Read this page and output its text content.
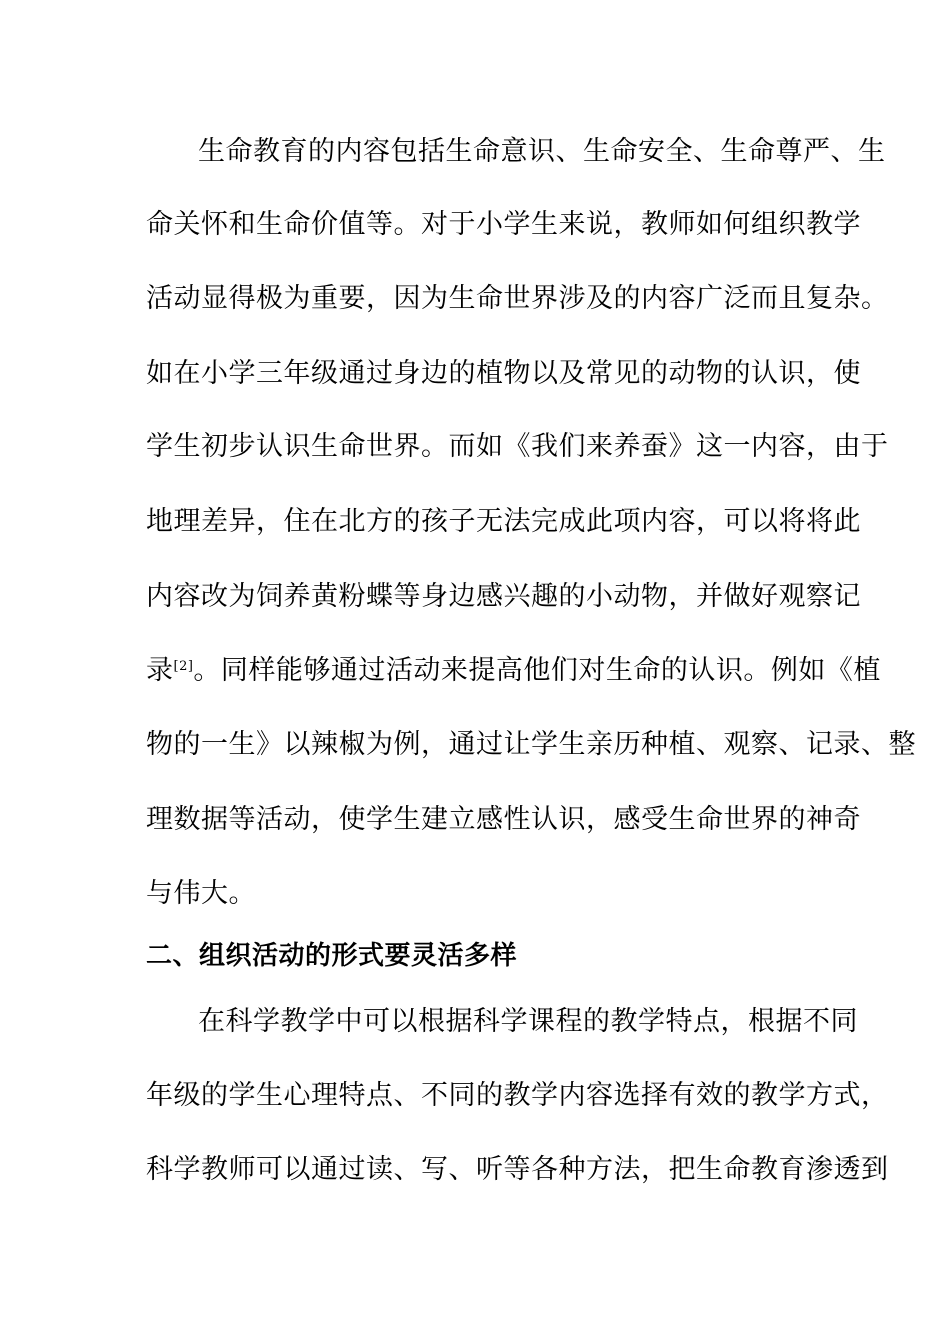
生命教育的内容包括生命意识、生命安全、生命尊严、生
命关怀和生命价值等。对于小学生来说，教师如何组织教学
活动显得极为重要，因为生命世界涉及的内容广泛而且复杂。
如在小学三年级通过身边的植物以及常见的动物的认识，使
学生初步认识生命世界。而如《我们来养蚕》这一内容，由于
地理差异，住在北方的孩子无法完成此项内容，可以将将此
内容改为饲养黄粉蝶等身边感兴趣的小动物，并做好观察记
录[2]。同样能够通过活动来提高他们对生命的认识。例如《植
物的一生》以辣椒为例，通过让学生亲历种植、观察、记录、整
理数据等活动，使学生建立感性认识，感受生命世界的神奇
与伟大。
二、组织活动的形式要灵活多样
在科学教学中可以根据科学课程的教学特点，根据不同
年级的学生心理特点、不同的教学内容选择有效的教学方式，
科学教师可以通过读、写、听等各种方法，把生命教育渗透到
